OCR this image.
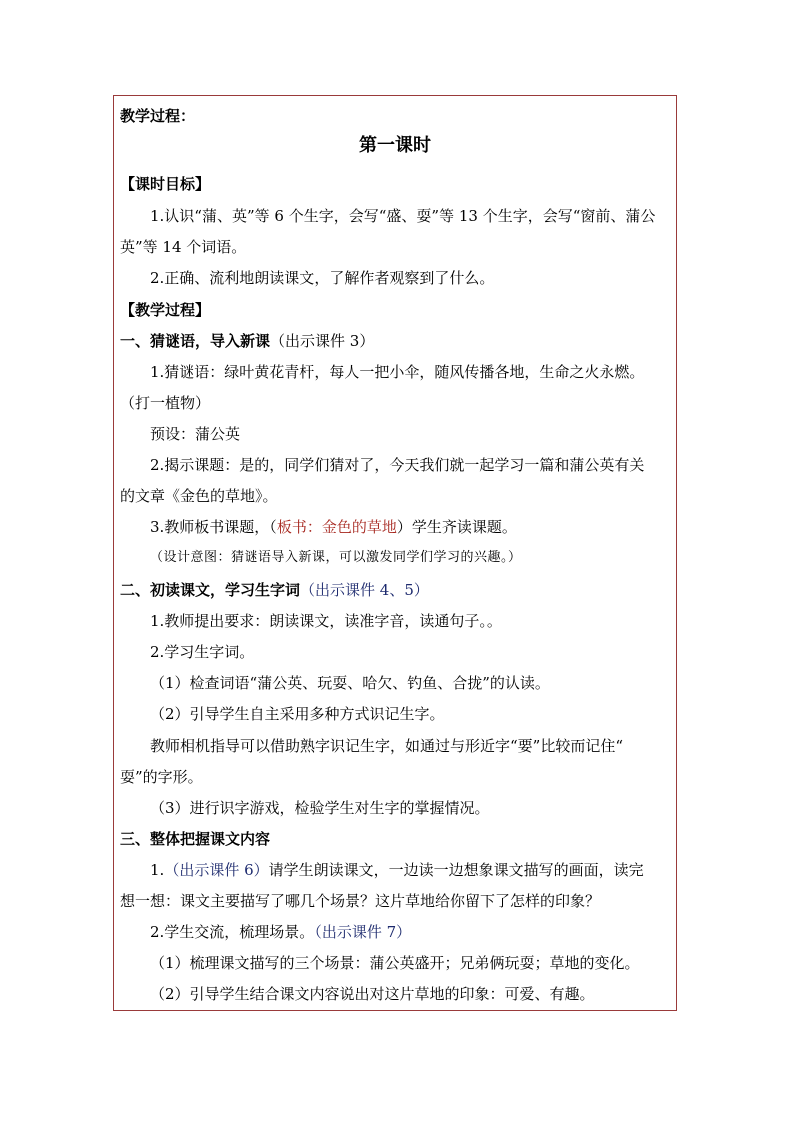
教学过程：
第一课时
【课时目标】
1.认识“蒲、英”等 6 个生字，会写“盛、耍”等 13 个生字，会写“窗前、蒲公
英”等 14 个词语。
2.正确、流利地朗读课文，了解作者观察到了什么。
【教学过程】
一、猜谜语，导入新课（出示课件 3）
1.猜谜语：绿叶黄花青杆，每人一把小伞，随风传播各地，生命之火永燃。
（打一植物）
预设：蒲公英
2.揭示课题：是的，同学们猜对了，今天我们就一起学习一篇和蒲公英有关
的文章《金色的草地》。
3.教师板书课题，（板书：金色的草地）学生齐读课题。
（设计意图：猜谜语导入新课，可以激发同学们学习的兴趣。）
二、初读课文，学习生字词（出示课件 4、5）
1.教师提出要求：朗读课文，读准字音，读通句子。。
2.学习生字词。
（1）检查词语“蒲公英、玩耍、哈欠、钓鱼、合拢”的认读。
（2）引导学生自主采用多种方式识记生字。
教师相机指导可以借助熟字识记生字，如通过与形近字“要”比较而记住“
耍”的字形。
（3）进行识字游戏，检验学生对生字的掌握情况。
三、整体把握课文内容
1.（出示课件 6）请学生朗读课文，一边读一边想象课文描写的画面，读完
想一想：课文主要描写了哪几个场景？这片草地给你留下了怎样的印象？
2.学生交流，梳理场景。（出示课件 7）
（1）梳理课文描写的三个场景：蒲公英盛开；兄弟俩玩耍；草地的变化。
（2）引导学生结合课文内容说出对这片草地的印象：可爱、有趣。
